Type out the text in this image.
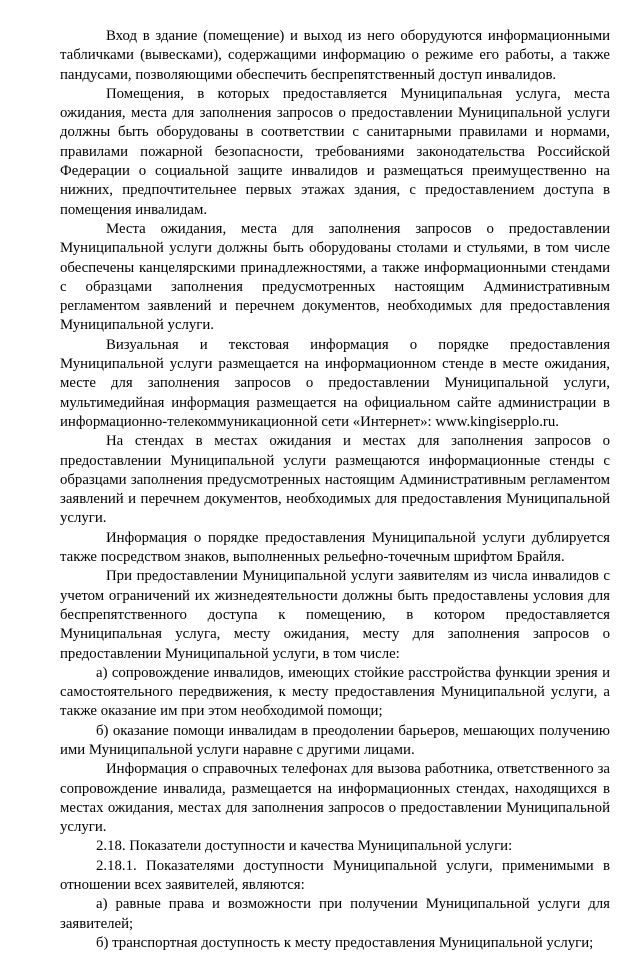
Вход в здание (помещение) и выход из него оборудуются информационными табличками (вывесками), содержащими информацию о режиме его работы, а также пандусами, позволяющими обеспечить беспрепятственный доступ инвалидов.

Помещения, в которых предоставляется Муниципальная услуга, места ожидания, места для заполнения запросов о предоставлении Муниципальной услуги должны быть оборудованы в соответствии с санитарными правилами и нормами, правилами пожарной безопасности, требованиями законодательства Российской Федерации о социальной защите инвалидов и размещаться преимущественно на нижних, предпочтительнее первых этажах здания, с предоставлением доступа в помещения инвалидам.

Места ожидания, места для заполнения запросов о предоставлении Муниципальной услуги должны быть оборудованы столами и стульями, в том числе обеспечены канцелярскими принадлежностями, а также информационными стендами с образцами заполнения предусмотренных настоящим Административным регламентом заявлений и перечнем документов, необходимых для предоставления Муниципальной услуги.

Визуальная и текстовая информация о порядке предоставления Муниципальной услуги размещается на информационном стенде в месте ожидания, месте для заполнения запросов о предоставлении Муниципальной услуги, мультимедийная информация размещается на официальном сайте администрации в информационно-телекоммуникационной сети «Интернет»: www.kingisepplo.ru.

На стендах в местах ожидания и местах для заполнения запросов о предоставлении Муниципальной услуги размещаются информационные стенды с образцами заполнения предусмотренных настоящим Административным регламентом заявлений и перечнем документов, необходимых для предоставления Муниципальной услуги.

Информация о порядке предоставления Муниципальной услуги дублируется также посредством знаков, выполненных рельефно-точечным шрифтом Брайля.

При предоставлении Муниципальной услуги заявителям из числа инвалидов с учетом ограничений их жизнедеятельности должны быть предоставлены условия для беспрепятственного доступа к помещению, в котором предоставляется Муниципальная услуга, месту ожидания, месту для заполнения запросов о предоставлении Муниципальной услуги, в том числе:

а) сопровождение инвалидов, имеющих стойкие расстройства функции зрения и самостоятельного передвижения, к месту предоставления Муниципальной услуги, а также оказание им при этом необходимой помощи;

б) оказание помощи инвалидам в преодолении барьеров, мешающих получению ими Муниципальной услуги наравне с другими лицами.

Информация о справочных телефонах для вызова работника, ответственного за сопровождение инвалида, размещается на информационных стендах, находящихся в местах ожидания, местах для заполнения запросов о предоставлении Муниципальной услуги.

2.18. Показатели доступности и качества Муниципальной услуги:

2.18.1. Показателями доступности Муниципальной услуги, применимыми в отношении всех заявителей, являются:

а) равные права и возможности при получении Муниципальной услуги для заявителей;

б) транспортная доступность к месту предоставления Муниципальной услуги;
